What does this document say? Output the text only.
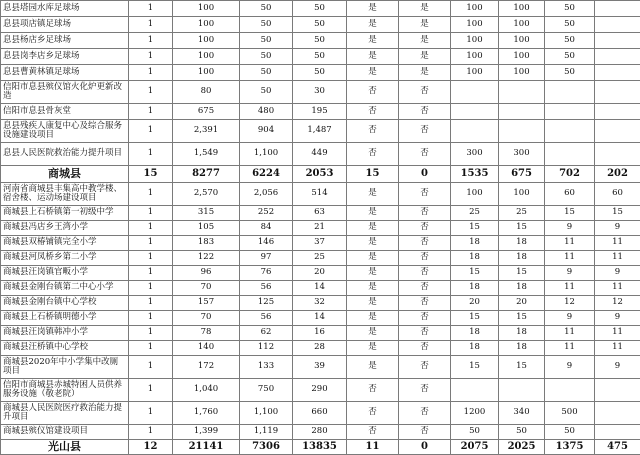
息县塔园水库足球场	1	100	50	50	是	是	100	100	50	
息县项店镇足球场	1	100	50	50	是	是	100	100	50	
息县杨店乡足球场	1	100	50	50	是	是	100	100	50	
息县岗李店乡足球场	1	100	50	50	是	是	100	100	50	
息县曹黄林镇足球场	1	100	50	50	是	是	100	100	50	
信阳市息县殡仪馆火化炉更新改造	1	80	50	30	否	否				
信阳市息县骨灰堂	1	675	480	195	否	否				
息县残疾人康复中心及综合服务设施建设项目	1	2,391	904	1,487	否	否				
息县人民医院救治能力提升项目	1	1,549	1,100	449	否	否	300	300		
商城县	15	8277	6224	2053	15	0	1535	675	702	202
河南省商城县丰集高中教学楼、宿舍楼、运动场建设项目	1	2,570	2,056	514	是	否	100	100	60	60
商城县上石桥镇第一初级中学	1	315	252	63	是	否	25	25	15	15
商城县冯店乡王湾小学	1	105	84	21	是	否	15	15	9	9
商城县双椿铺镇完全小学	1	183	146	37	是	否	18	18	11	11
商城县河凤桥乡第二小学	1	122	97	25	是	否	18	18	11	11
商城县汪岗镇官畈小学	1	96	76	20	是	否	15	15	9	9
商城县金刚台镇第二中心小学	1	70	56	14	是	否	18	18	11	11
商城县金刚台镇中心学校	1	157	125	32	是	否	20	20	12	12
商城县上石桥镇明德小学	1	70	56	14	是	否	15	15	9	9
商城县汪岗镇韩冲小学	1	78	62	16	是	否	18	18	11	11
商城县汪桥镇中心学校	1	140	112	28	是	否	18	18	11	11
商城县2020年中小学集中改厕项目	1	172	133	39	是	否	15	15	9	9
信阳市商城县赤城特困人员供养服务设施（敬老院）	1	1,040	750	290	否	否				
商城县人民医院医疗救治能力提升项目	1	1,760	1,100	660	否	否	1200	340	500	
商城县殡仪馆建设项目	1	1,399	1,119	280	否	否	50	50	50	
光山县	12	21141	7306	13835	11	0	2075	2025	1375	475
